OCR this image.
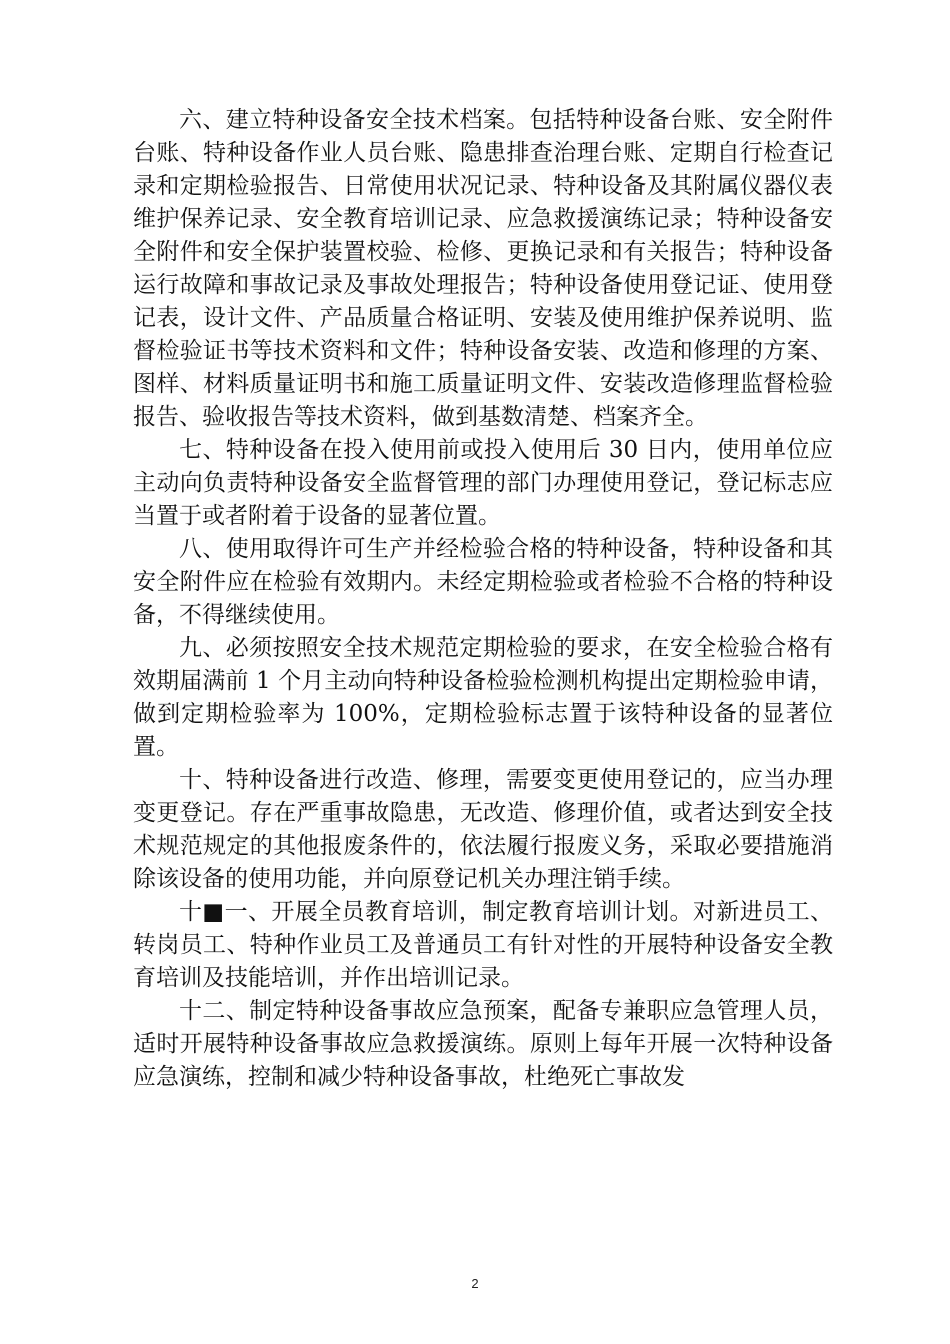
六、建立特种设备安全技术档案。包括特种设备台账、安全附件台账、特种设备作业人员台账、隐患排查治理台账、定期自行检查记录和定期检验报告、日常使用状况记录、特种设备及其附属仪器仪表维护保养记录、安全教育培训记录、应急救援演练记录；特种设备安全附件和安全保护装置校验、检修、更换记录和有关报告；特种设备运行故障和事故记录及事故处理报告；特种设备使用登记证、使用登记表，设计文件、产品质量合格证明、安装及使用维护保养说明、监督检验证书等技术资料和文件；特种设备安装、改造和修理的方案、图样、材料质量证明书和施工质量证明文件、安装改造修理监督检验报告、验收报告等技术资料，做到基数清楚、档案齐全。

七、特种设备在投入使用前或投入使用后 30 日内，使用单位应主动向负责特种设备安全监督管理的部门办理使用登记，登记标志应当置于或者附着于设备的显著位置。

八、使用取得许可生产并经检验合格的特种设备，特种设备和其安全附件应在检验有效期内。未经定期检验或者检验不合格的特种设备，不得继续使用。

九、必须按照安全技术规范定期检验的要求，在安全检验合格有效期届满前 1 个月主动向特种设备检验检测机构提出定期检验申请，做到定期检验率为 100%，定期检验标志置于该特种设备的显著位置。

十、特种设备进行改造、修理，需要变更使用登记的，应当办理变更登记。存在严重事故隐患，无改造、修理价值，或者达到安全技术规范规定的其他报废条件的，依法履行报废义务，采取必要措施消除该设备的使用功能，并向原登记机关办理注销手续。

十■一、开展全员教育培训，制定教育培训计划。对新进员工、转岗员工、特种作业员工及普通员工有针对性的开展特种设备安全教育培训及技能培训，并作出培训记录。

十二、制定特种设备事故应急预案，配备专兼职应急管理人员，适时开展特种设备事故应急救援演练。原则上每年开展一次特种设备应急演练，控制和减少特种设备事故，杜绝死亡事故发

2
